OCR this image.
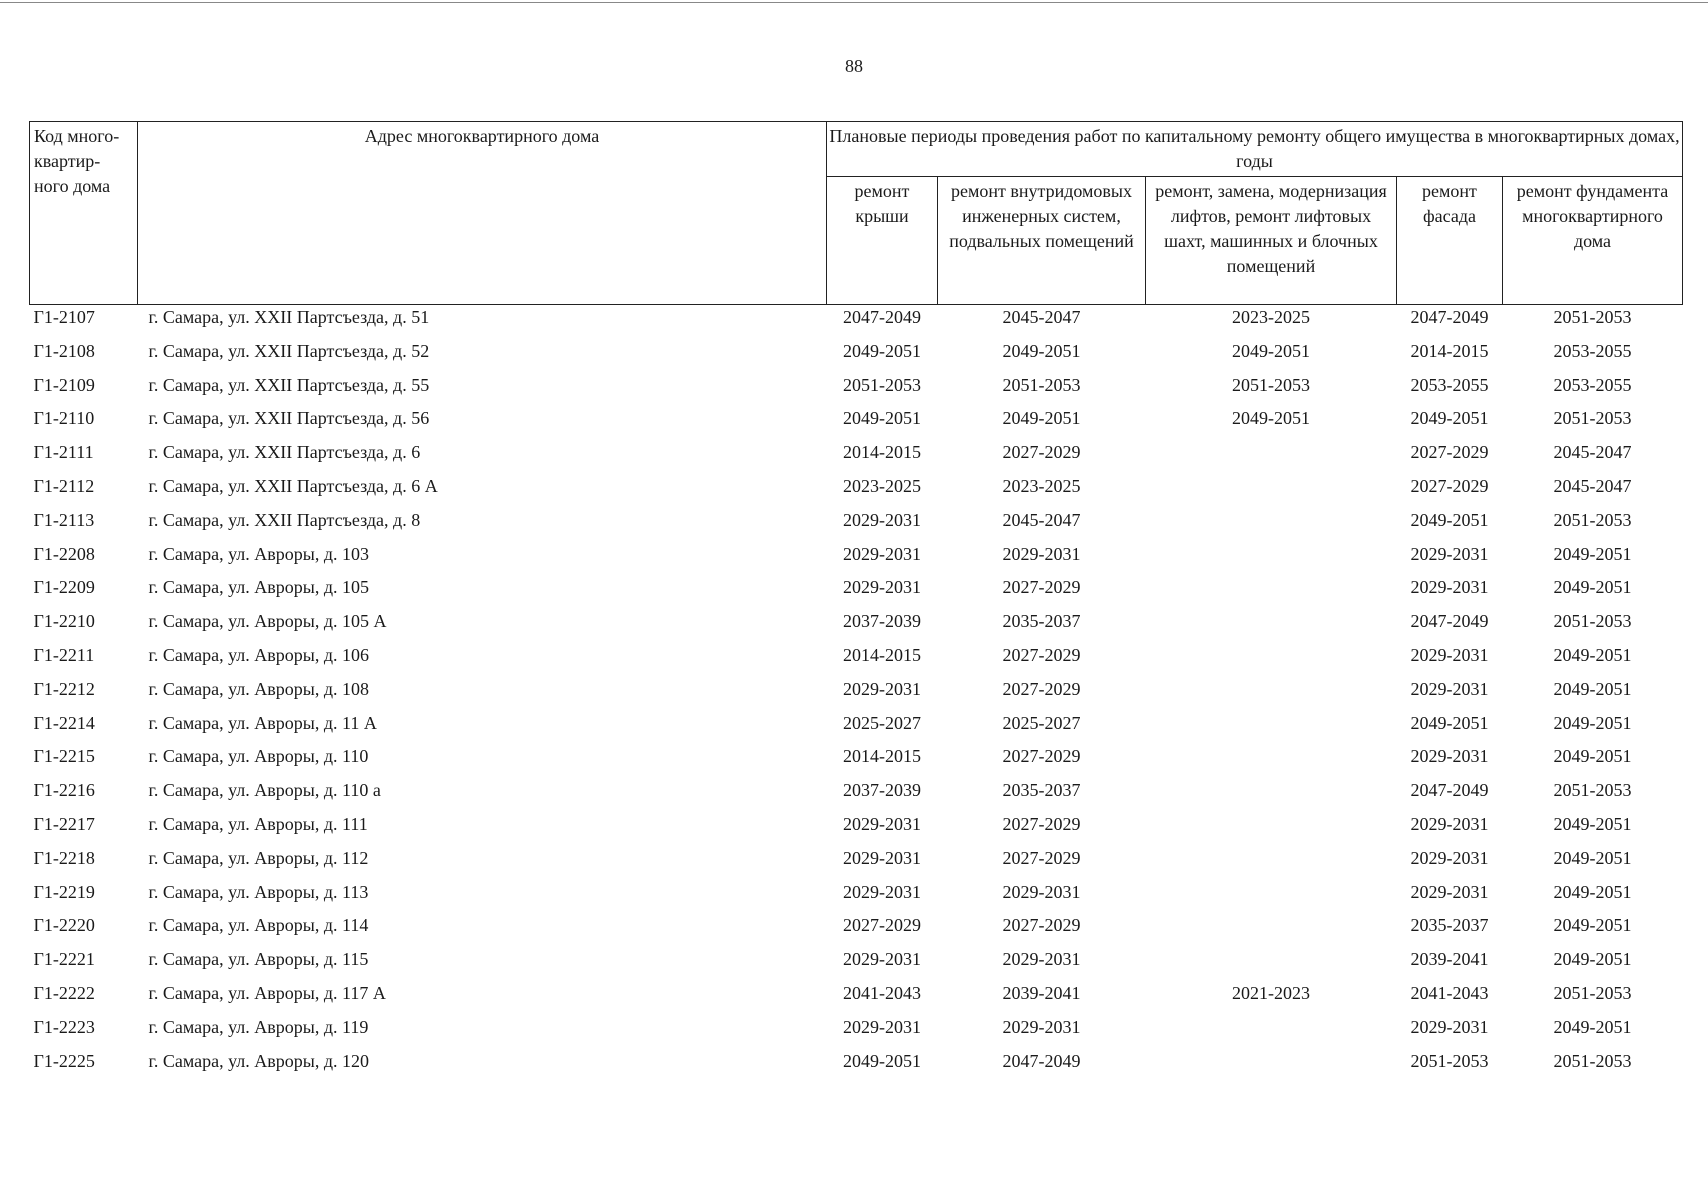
88
Код много- квартир- ного дома	Адрес многоквартирного дома	Плановые периоды проведения работ по капитальному ремонту общего имущества в многоквартирных домах, годы				
		ремонт крыши	ремонт внутридомовых инженерных систем, подвальных помещений	ремонт, замена, модернизация лифтов, ремонт лифтовых шахт, машинных и блочных помещений	ремонт фасада	ремонт фундамента многоквартирного дома
Г1-2107	г. Самара, ул. XXII Партсъезда, д. 51	2047-2049	2045-2047	2023-2025	2047-2049	2051-2053
Г1-2108	г. Самара, ул. XXII Партсъезда, д. 52	2049-2051	2049-2051	2049-2051	2014-2015	2053-2055
Г1-2109	г. Самара, ул. XXII Партсъезда, д. 55	2051-2053	2051-2053	2051-2053	2053-2055	2053-2055
Г1-2110	г. Самара, ул. XXII Партсъезда, д. 56	2049-2051	2049-2051	2049-2051	2049-2051	2051-2053
Г1-2111	г. Самара, ул. XXII Партсъезда, д. 6	2014-2015	2027-2029		2027-2029	2045-2047
Г1-2112	г. Самара, ул. XXII Партсъезда, д. 6 А	2023-2025	2023-2025		2027-2029	2045-2047
Г1-2113	г. Самара, ул. XXII Партсъезда, д. 8	2029-2031	2045-2047		2049-2051	2051-2053
Г1-2208	г. Самара, ул. Авроры, д. 103	2029-2031	2029-2031		2029-2031	2049-2051
Г1-2209	г. Самара, ул. Авроры, д. 105	2029-2031	2027-2029		2029-2031	2049-2051
Г1-2210	г. Самара, ул. Авроры, д. 105 А	2037-2039	2035-2037		2047-2049	2051-2053
Г1-2211	г. Самара, ул. Авроры, д. 106	2014-2015	2027-2029		2029-2031	2049-2051
Г1-2212	г. Самара, ул. Авроры, д. 108	2029-2031	2027-2029		2029-2031	2049-2051
Г1-2214	г. Самара, ул. Авроры, д. 11 А	2025-2027	2025-2027		2049-2051	2049-2051
Г1-2215	г. Самара, ул. Авроры, д. 110	2014-2015	2027-2029		2029-2031	2049-2051
Г1-2216	г. Самара, ул. Авроры, д. 110 а	2037-2039	2035-2037		2047-2049	2051-2053
Г1-2217	г. Самара, ул. Авроры, д. 111	2029-2031	2027-2029		2029-2031	2049-2051
Г1-2218	г. Самара, ул. Авроры, д. 112	2029-2031	2027-2029		2029-2031	2049-2051
Г1-2219	г. Самара, ул. Авроры, д. 113	2029-2031	2029-2031		2029-2031	2049-2051
Г1-2220	г. Самара, ул. Авроры, д. 114	2027-2029	2027-2029		2035-2037	2049-2051
Г1-2221	г. Самара, ул. Авроры, д. 115	2029-2031	2029-2031		2039-2041	2049-2051
Г1-2222	г. Самара, ул. Авроры, д. 117 А	2041-2043	2039-2041	2021-2023	2041-2043	2051-2053
Г1-2223	г. Самара, ул. Авроры, д. 119	2029-2031	2029-2031		2029-2031	2049-2051
Г1-2225	г. Самара, ул. Авроры, д. 120	2049-2051	2047-2049		2051-2053	2051-2053
